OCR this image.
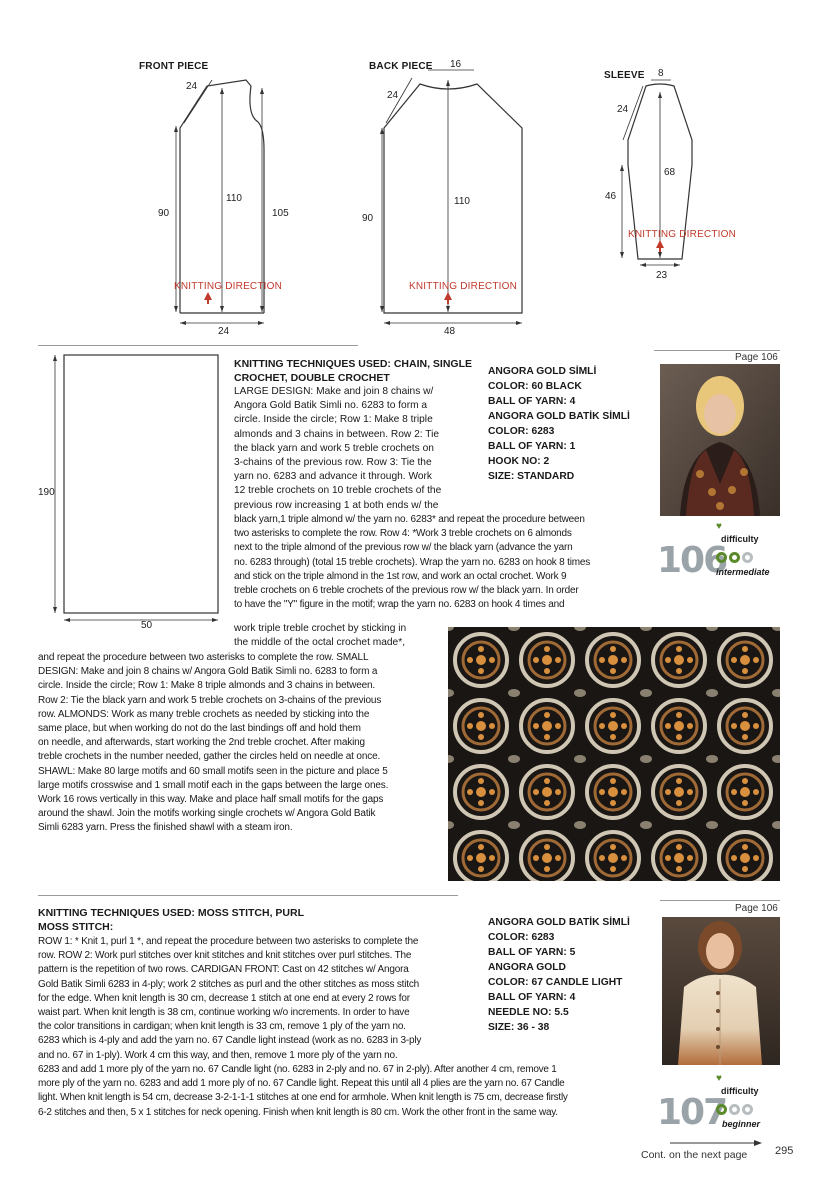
FRONT PIECE
24
90
110
105
24
KNITTING DIRECTION
BACK PIECE 16
24
90
110
48
KNITTING DIRECTION
SLEEVE 8
24
46
68
23
KNITTING DIRECTION
190
50
KNITTING TECHNIQUES USED: CHAIN, SINGLE
CROCHET, DOUBLE CROCHET
LARGE DESIGN: Make and join 8 chains w/
Angora Gold Batik Simli no. 6283 to form a
circle. Inside the circle; Row 1: Make 8 triple
almonds and 3 chains in between. Row 2: Tie
the black yarn and work 5 treble crochets on
3-chains of the previous row. Row 3: Tie the
yarn no. 6283 and advance it through. Work
12 treble crochets on 10 treble crochets of the
previous row increasing 1 at both ends w/ the
black yarn,1 triple almond w/ the yarn no. 6283* and repeat the procedure between
two asterisks to complete the row. Row 4: *Work 3 treble crochets on 6 almonds
next to the triple almond of the previous row w/ the black yarn (advance the yarn
no. 6283 through) (total 15 treble crochets). Wrap the yarn no. 6283 on hook 8 times
and stick on the triple almond in the 1st row, and work an octal crochet. Work 9
treble crochets on 6 treble crochets of the previous row w/ the black yarn. In order
to have the "Y" figure in the motif; wrap the yarn no. 6283 on hook 4 times and
work triple treble crochet by sticking in
the middle of the octal crochet made*,
and repeat the procedure between two asterisks to complete the row. SMALL
DESIGN: Make and join 8 chains w/ Angora Gold Batik Simli no. 6283 to form a
circle. Inside the circle; Row 1: Make 8 triple almonds and 3 chains in between.
Row 2: Tie the black yarn and work 5 treble crochets on 3-chains of the previous
row. ALMONDS: Work as many treble crochets as needed by sticking into the
same place, but when working do not do the last bindings off and hold them
on needle, and afterwards, start working the 2nd treble crochet. After making
treble crochets in the number needed, gather the circles held on needle at once.
SHAWL: Make 80 large motifs and 60 small motifs seen in the picture and place 5
large motifs crosswise and 1 small motif each in the gaps between the large ones.
Work 16 rows vertically in this way. Make and place half small motifs for the gaps
around the shawl. Join the motifs working single crochets w/ Angora Gold Batik
Simli 6283 yarn. Press the finished shawl with a steam iron.
ANGORA GOLD SİMLİ
COLOR: 60 BLACK
BALL OF YARN: 4
ANGORA GOLD BATİK SİMLİ
COLOR: 6283
BALL OF YARN: 1
HOOK NO: 2
SIZE: STANDARD
Page 106
♥
difficulty
106
intermediate
KNITTING TECHNIQUES USED: MOSS STITCH, PURL
MOSS STITCH:
ROW 1: * Knit 1, purl 1 *, and repeat the procedure between two asterisks to complete the
row. ROW 2: Work purl stitches over knit stitches and knit stitches over purl stitches. The
pattern is the repetition of two rows. CARDIGAN FRONT: Cast on 42 stitches w/ Angora
Gold Batik Simli 6283 in 4-ply; work 2 stitches as purl and the other stitches as moss stitch
for the edge. When knit length is 30 cm, decrease 1 stitch at one end at every 2 rows for
waist part. When knit length is 38 cm, continue working w/o increments. In order to have
the color transitions in cardigan; when knit length is 33 cm, remove 1 ply of the yarn no.
6283 which is 4-ply and add the yarn no. 67 Candle light instead (work as no. 6283 in 3-ply
and no. 67 in 1-ply). Work 4 cm this way, and then, remove 1 more ply of the yarn no.
6283 and add 1 more ply of the yarn no. 67 Candle light (no. 6283 in 2-ply and no. 67 in 2-ply). After another 4 cm, remove 1
more ply of the yarn no. 6283 and add 1 more ply of no. 67 Candle light. Repeat this until all 4 plies are the yarn no. 67 Candle
light. When knit length is 54 cm, decrease 3-2-1-1-1 stitches at one end for armhole. When knit length is 75 cm, decrease firstly
6-2 stitches and then, 5 x 1 stitches for neck opening. Finish when knit length is 80 cm. Work the other front in the same way.
ANGORA GOLD BATİK SİMLİ
COLOR: 6283
BALL OF YARN: 5
ANGORA GOLD
COLOR: 67 CANDLE LIGHT
BALL OF YARN: 4
NEEDLE NO: 5.5
SIZE: 36 - 38
Page 106
♥
difficulty
107
beginner
Cont. on the next page	295
